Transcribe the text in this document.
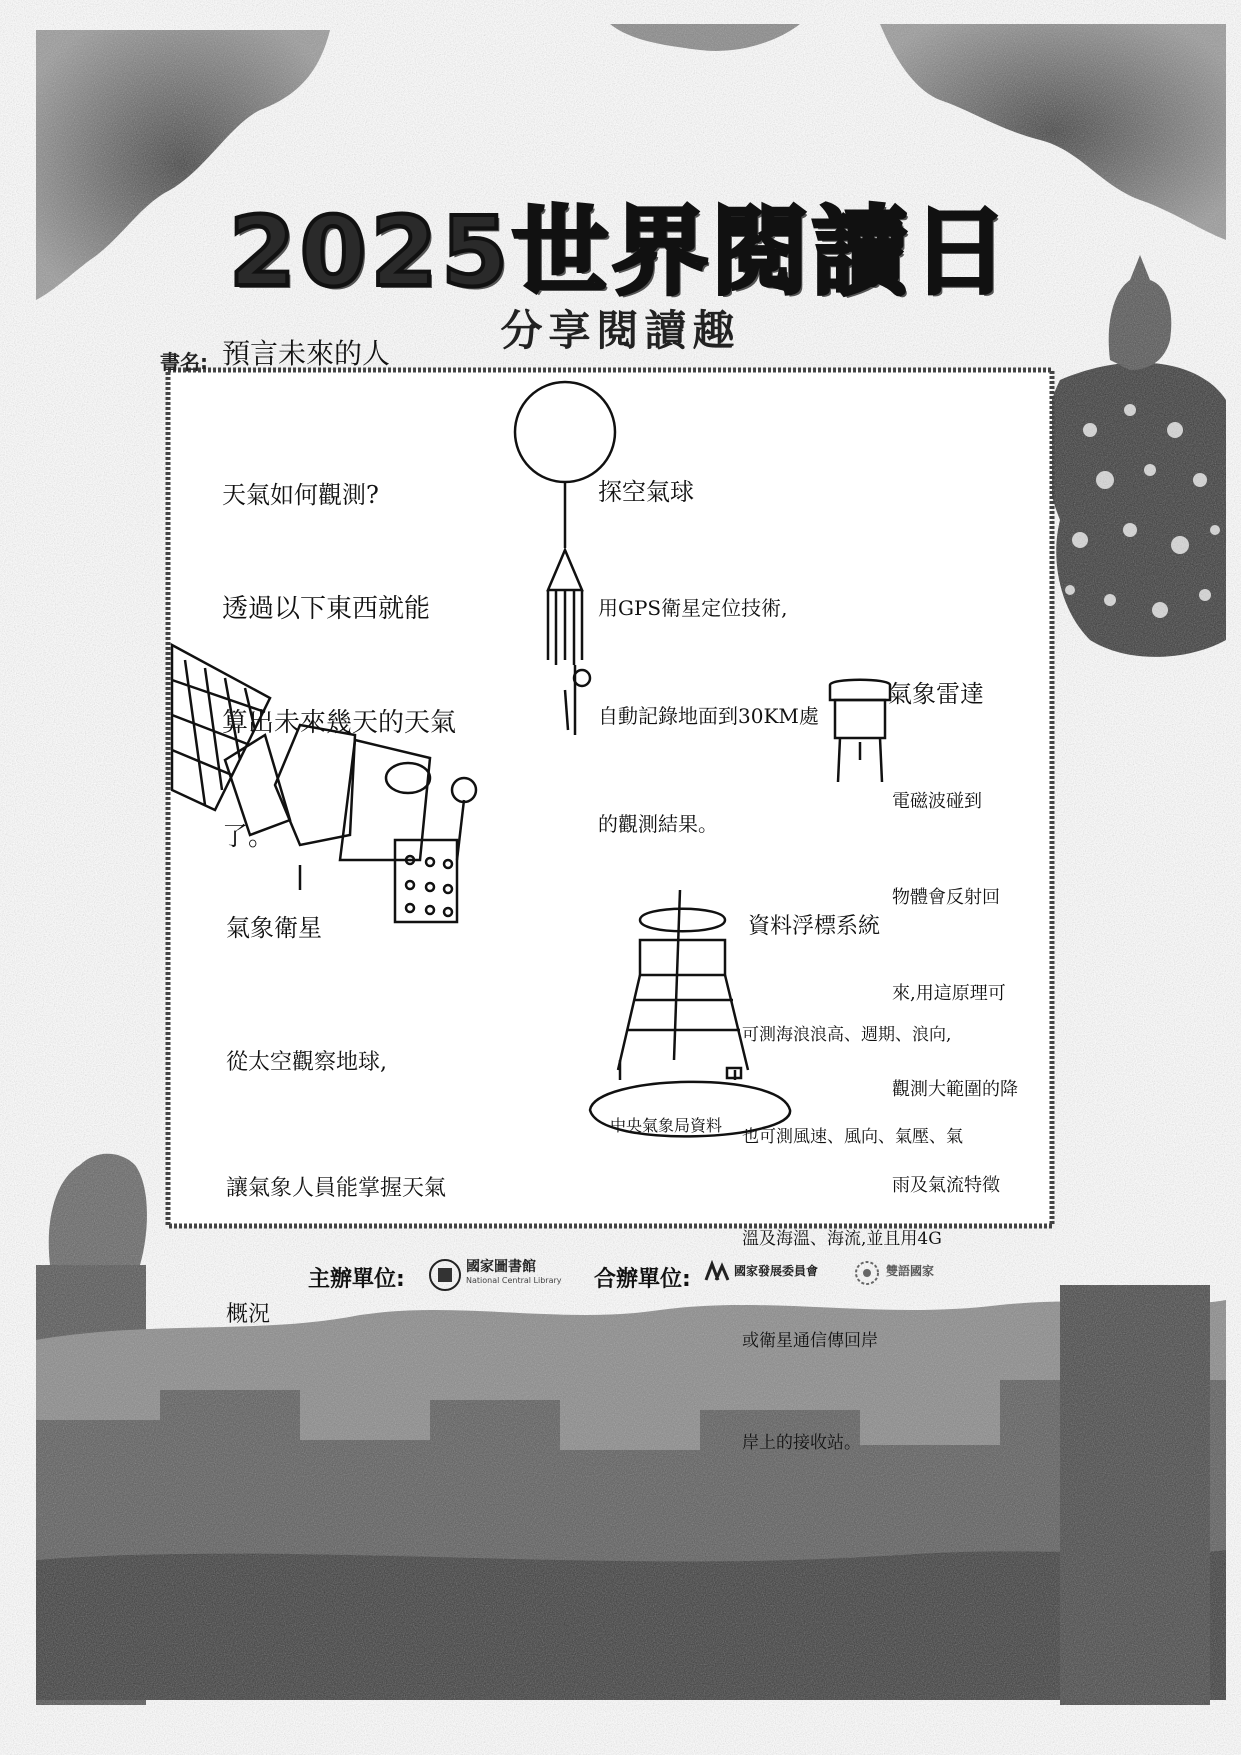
2025世界閱讀日
分享閱讀趣
書名: 預言未來的人

天氣如何觀測?

透過以下東西就能

算出未來幾天的天氣

了。

探空氣球

用GPS衛星定位技術,

自動記錄地面到30KM處

的觀測結果。

氣象雷達

電磁波碰到

物體會反射回

來,用這原理可

觀測大範圍的降

雨及氣流特徵

氣象衛星

從太空觀察地球,

讓氣象人員能掌握天氣

概況

資料浮標系統

可測海浪浪高、週期、浪向,

也可測風速、風向、氣壓、氣

溫及海溫、海流,並且用4G

或衛星通信傳回岸

岸上的接收站。

中央氣象局資料
主辦單位:	國家圖書館
National Central Library 合辦單位:	國家發展委員會	雙語國家
